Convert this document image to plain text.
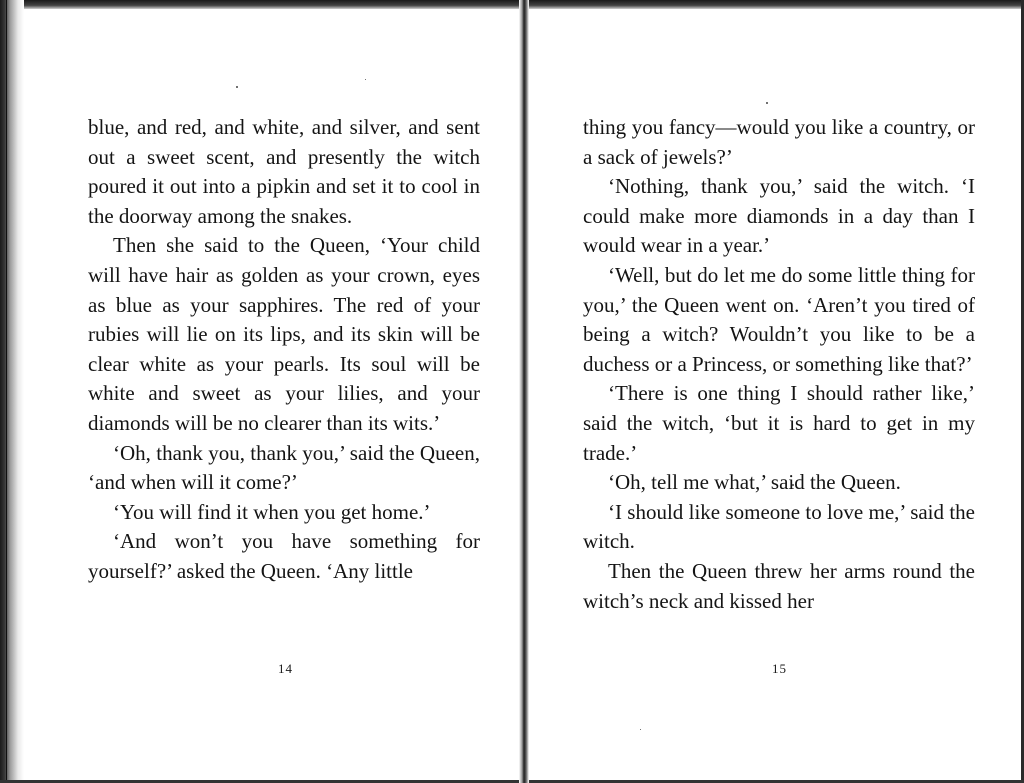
blue, and red, and white, and silver, and sent out a sweet scent, and presently the witch poured it out into a pipkin and set it to cool in the doorway among the snakes.

Then she said to the Queen, ‘Your child will have hair as golden as your crown, eyes as blue as your sapphires. The red of your rubies will lie on its lips, and its skin will be clear white as your pearls. Its soul will be white and sweet as your lilies, and your diamonds will be no clearer than its wits.’

‘Oh, thank you, thank you,’ said the Queen, ‘and when will it come?’

‘You will find it when you get home.’

‘And won’t you have something for yourself?’ asked the Queen. ‘Any little

14

thing you fancy—would you like a country, or a sack of jewels?’

‘Nothing, thank you,’ said the witch. ‘I could make more diamonds in a day than I would wear in a year.’

‘Well, but do let me do some little thing for you,’ the Queen went on. ‘Aren’t you tired of being a witch? Wouldn’t you like to be a duchess or a Princess, or something like that?’

‘There is one thing I should rather like,’ said the witch, ‘but it is hard to get in my trade.’

‘Oh, tell me what,’ said the Queen.

‘I should like someone to love me,’ said the witch.

Then the Queen threw her arms round the witch’s neck and kissed her

15
